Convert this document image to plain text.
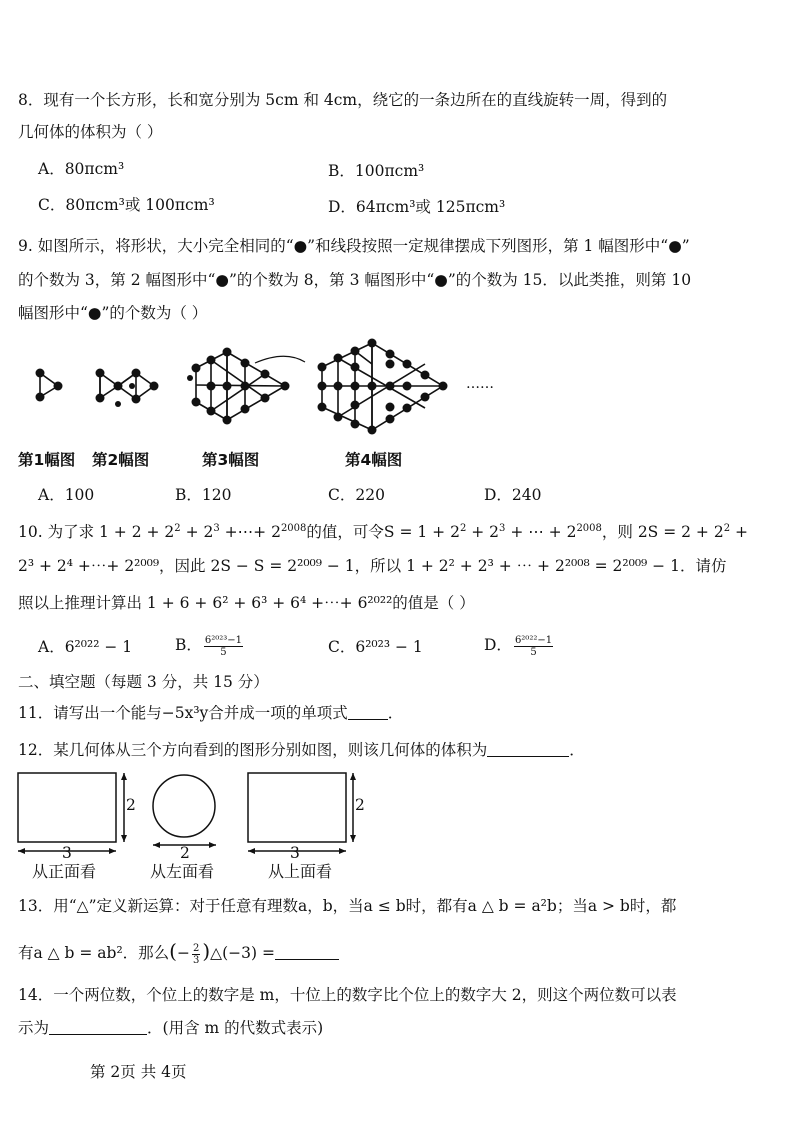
8．现有一个长方形，长和宽分别为 5cm 和 4cm，绕它的一条边所在的直线旋转一周，得到的
几何体的体积为（ ）
A．80πcm³	B．100πcm³
C．80πcm³或 100πcm³	D．64πcm³或 125πcm³
9. 如图所示，将形状，大小完全相同的“●”和线段按照一定规律摆成下列图形，第 1 幅图形中“●”
的个数为 3，第 2 幅图形中“●”的个数为 8，第 3 幅图形中“●”的个数为 15．以此类推，则第 10
幅图形中“●”的个数为（ ）
……
第1幅图 第2幅图	第3幅图	第4幅图
A．100	B．120	C．220	D．240
10. 为了求 $1 + 2 + 2^2 + 2^3$ +⋯+ $2^{2008}$的值，可令$S = 1 + 2^2 + 2^3$ + ⋯ + $2^{2008}$，则 $2S = 2 + 2^2$ +
2³ + 2⁴ +⋯+ 2²⁰⁰⁹，因此 2S − S = 2²⁰⁰⁹ − 1，所以 1 + 2² + 2³ + ⋯ + 2²⁰⁰⁸ = 2²⁰⁰⁹ − 1．请仿
照以上推理计算出 1 + 6 + 6² + 6³ + 6⁴ +⋯+ 6²⁰²²的值是（ ）
A．6²⁰²² − 1	B． $\frac{\text{6²⁰²³−1}}{5}$	C．6²⁰²³ − 1	D． $\frac{\text{6²⁰²²−1}}{5}$
二、填空题（每题 3 分，共 15 分）
11．请写出一个能与−5x³y合并成一项的单项式	．
12．某几何体从三个方向看到的图形分别如图，则该几何体的体积为	．
2
3	2
2
3
从正面看	从左面看	从上面看
13．用“△”定义新运算：对于任意有理数a，b，当a ≤ b时，都有a △ b = a²b；当a > b时，都
有a △ b = ab²．那么(− $\frac{2}{3}$ )△(−3) =
14．一个两位数，个位上的数字是 m，十位上的数字比个位上的数字大 2，则这个两位数可以表
示为	．(用含 m 的代数式表示)
第 2页 共 4页
